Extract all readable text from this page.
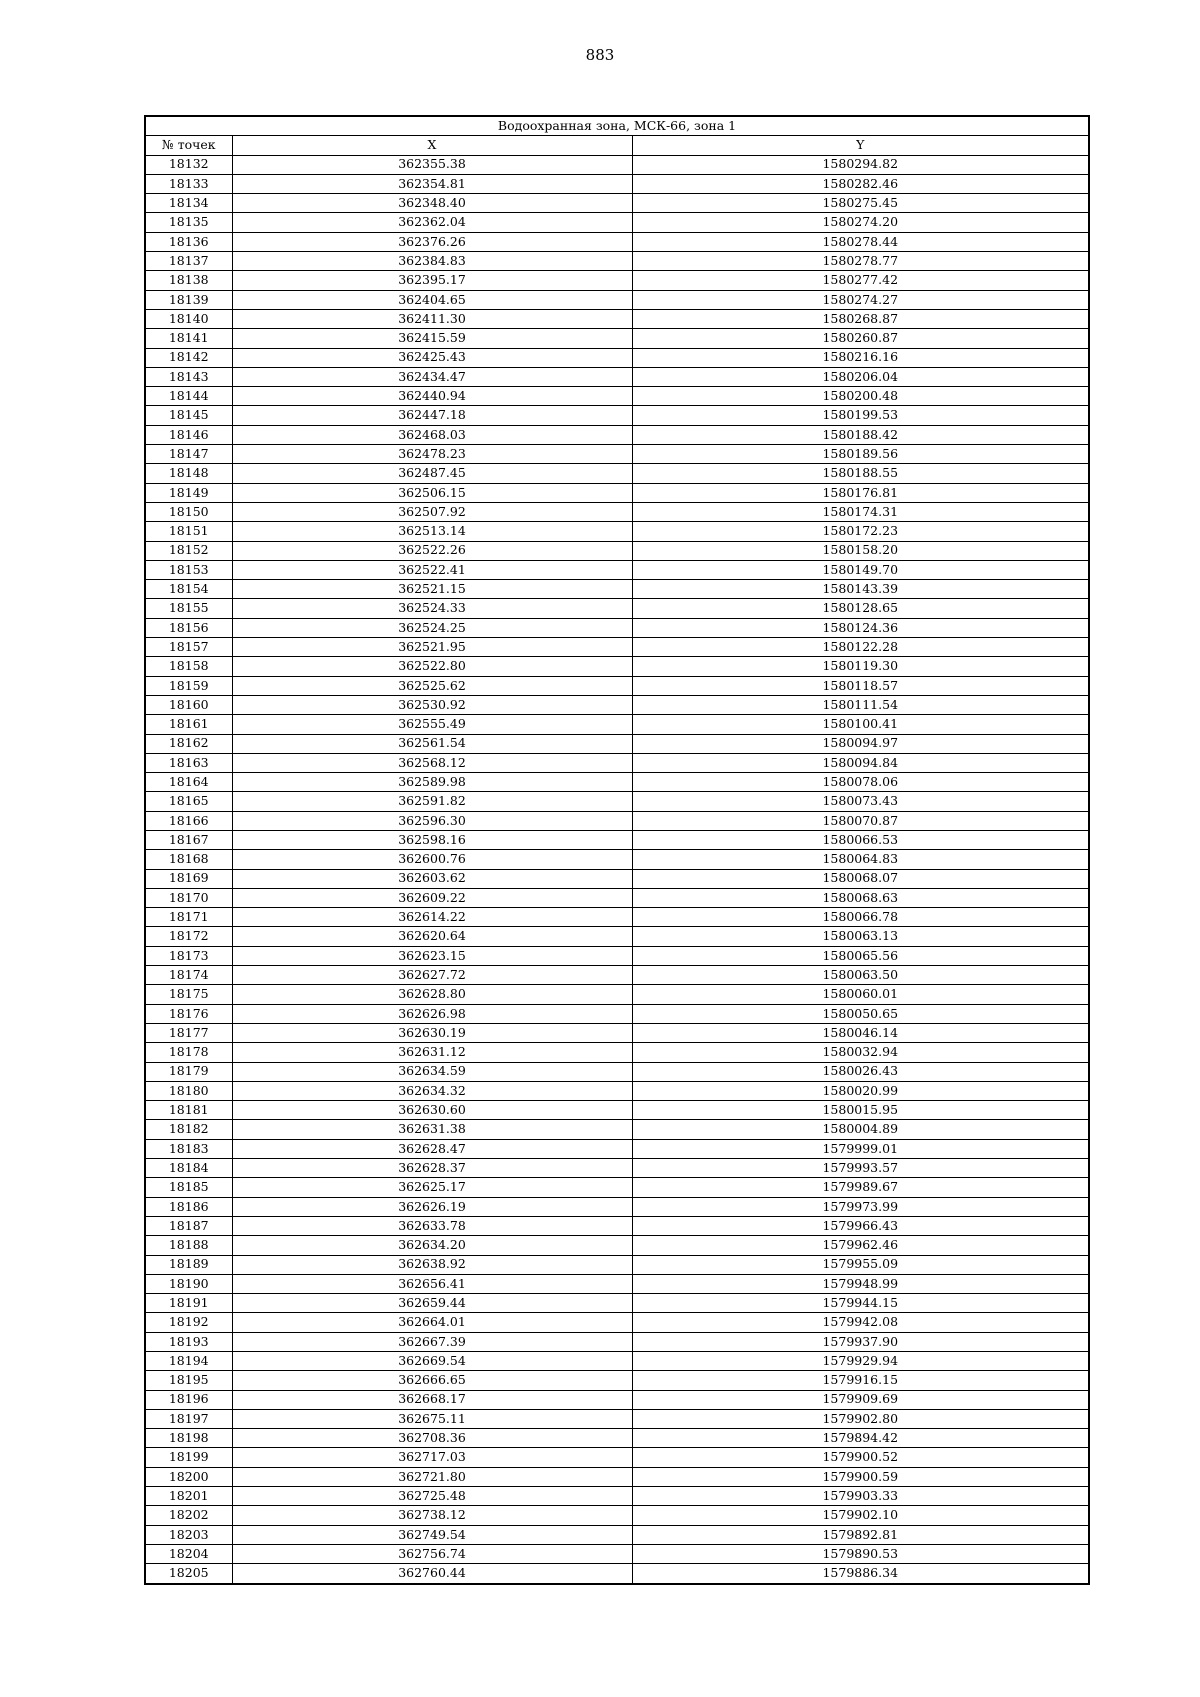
883
Водоохранная зона, МСК-66, зона 1		
№ точек	X	Y
18132	362355.38	1580294.82
18133	362354.81	1580282.46
18134	362348.40	1580275.45
18135	362362.04	1580274.20
18136	362376.26	1580278.44
18137	362384.83	1580278.77
18138	362395.17	1580277.42
18139	362404.65	1580274.27
18140	362411.30	1580268.87
18141	362415.59	1580260.87
18142	362425.43	1580216.16
18143	362434.47	1580206.04
18144	362440.94	1580200.48
18145	362447.18	1580199.53
18146	362468.03	1580188.42
18147	362478.23	1580189.56
18148	362487.45	1580188.55
18149	362506.15	1580176.81
18150	362507.92	1580174.31
18151	362513.14	1580172.23
18152	362522.26	1580158.20
18153	362522.41	1580149.70
18154	362521.15	1580143.39
18155	362524.33	1580128.65
18156	362524.25	1580124.36
18157	362521.95	1580122.28
18158	362522.80	1580119.30
18159	362525.62	1580118.57
18160	362530.92	1580111.54
18161	362555.49	1580100.41
18162	362561.54	1580094.97
18163	362568.12	1580094.84
18164	362589.98	1580078.06
18165	362591.82	1580073.43
18166	362596.30	1580070.87
18167	362598.16	1580066.53
18168	362600.76	1580064.83
18169	362603.62	1580068.07
18170	362609.22	1580068.63
18171	362614.22	1580066.78
18172	362620.64	1580063.13
18173	362623.15	1580065.56
18174	362627.72	1580063.50
18175	362628.80	1580060.01
18176	362626.98	1580050.65
18177	362630.19	1580046.14
18178	362631.12	1580032.94
18179	362634.59	1580026.43
18180	362634.32	1580020.99
18181	362630.60	1580015.95
18182	362631.38	1580004.89
18183	362628.47	1579999.01
18184	362628.37	1579993.57
18185	362625.17	1579989.67
18186	362626.19	1579973.99
18187	362633.78	1579966.43
18188	362634.20	1579962.46
18189	362638.92	1579955.09
18190	362656.41	1579948.99
18191	362659.44	1579944.15
18192	362664.01	1579942.08
18193	362667.39	1579937.90
18194	362669.54	1579929.94
18195	362666.65	1579916.15
18196	362668.17	1579909.69
18197	362675.11	1579902.80
18198	362708.36	1579894.42
18199	362717.03	1579900.52
18200	362721.80	1579900.59
18201	362725.48	1579903.33
18202	362738.12	1579902.10
18203	362749.54	1579892.81
18204	362756.74	1579890.53
18205	362760.44	1579886.34
